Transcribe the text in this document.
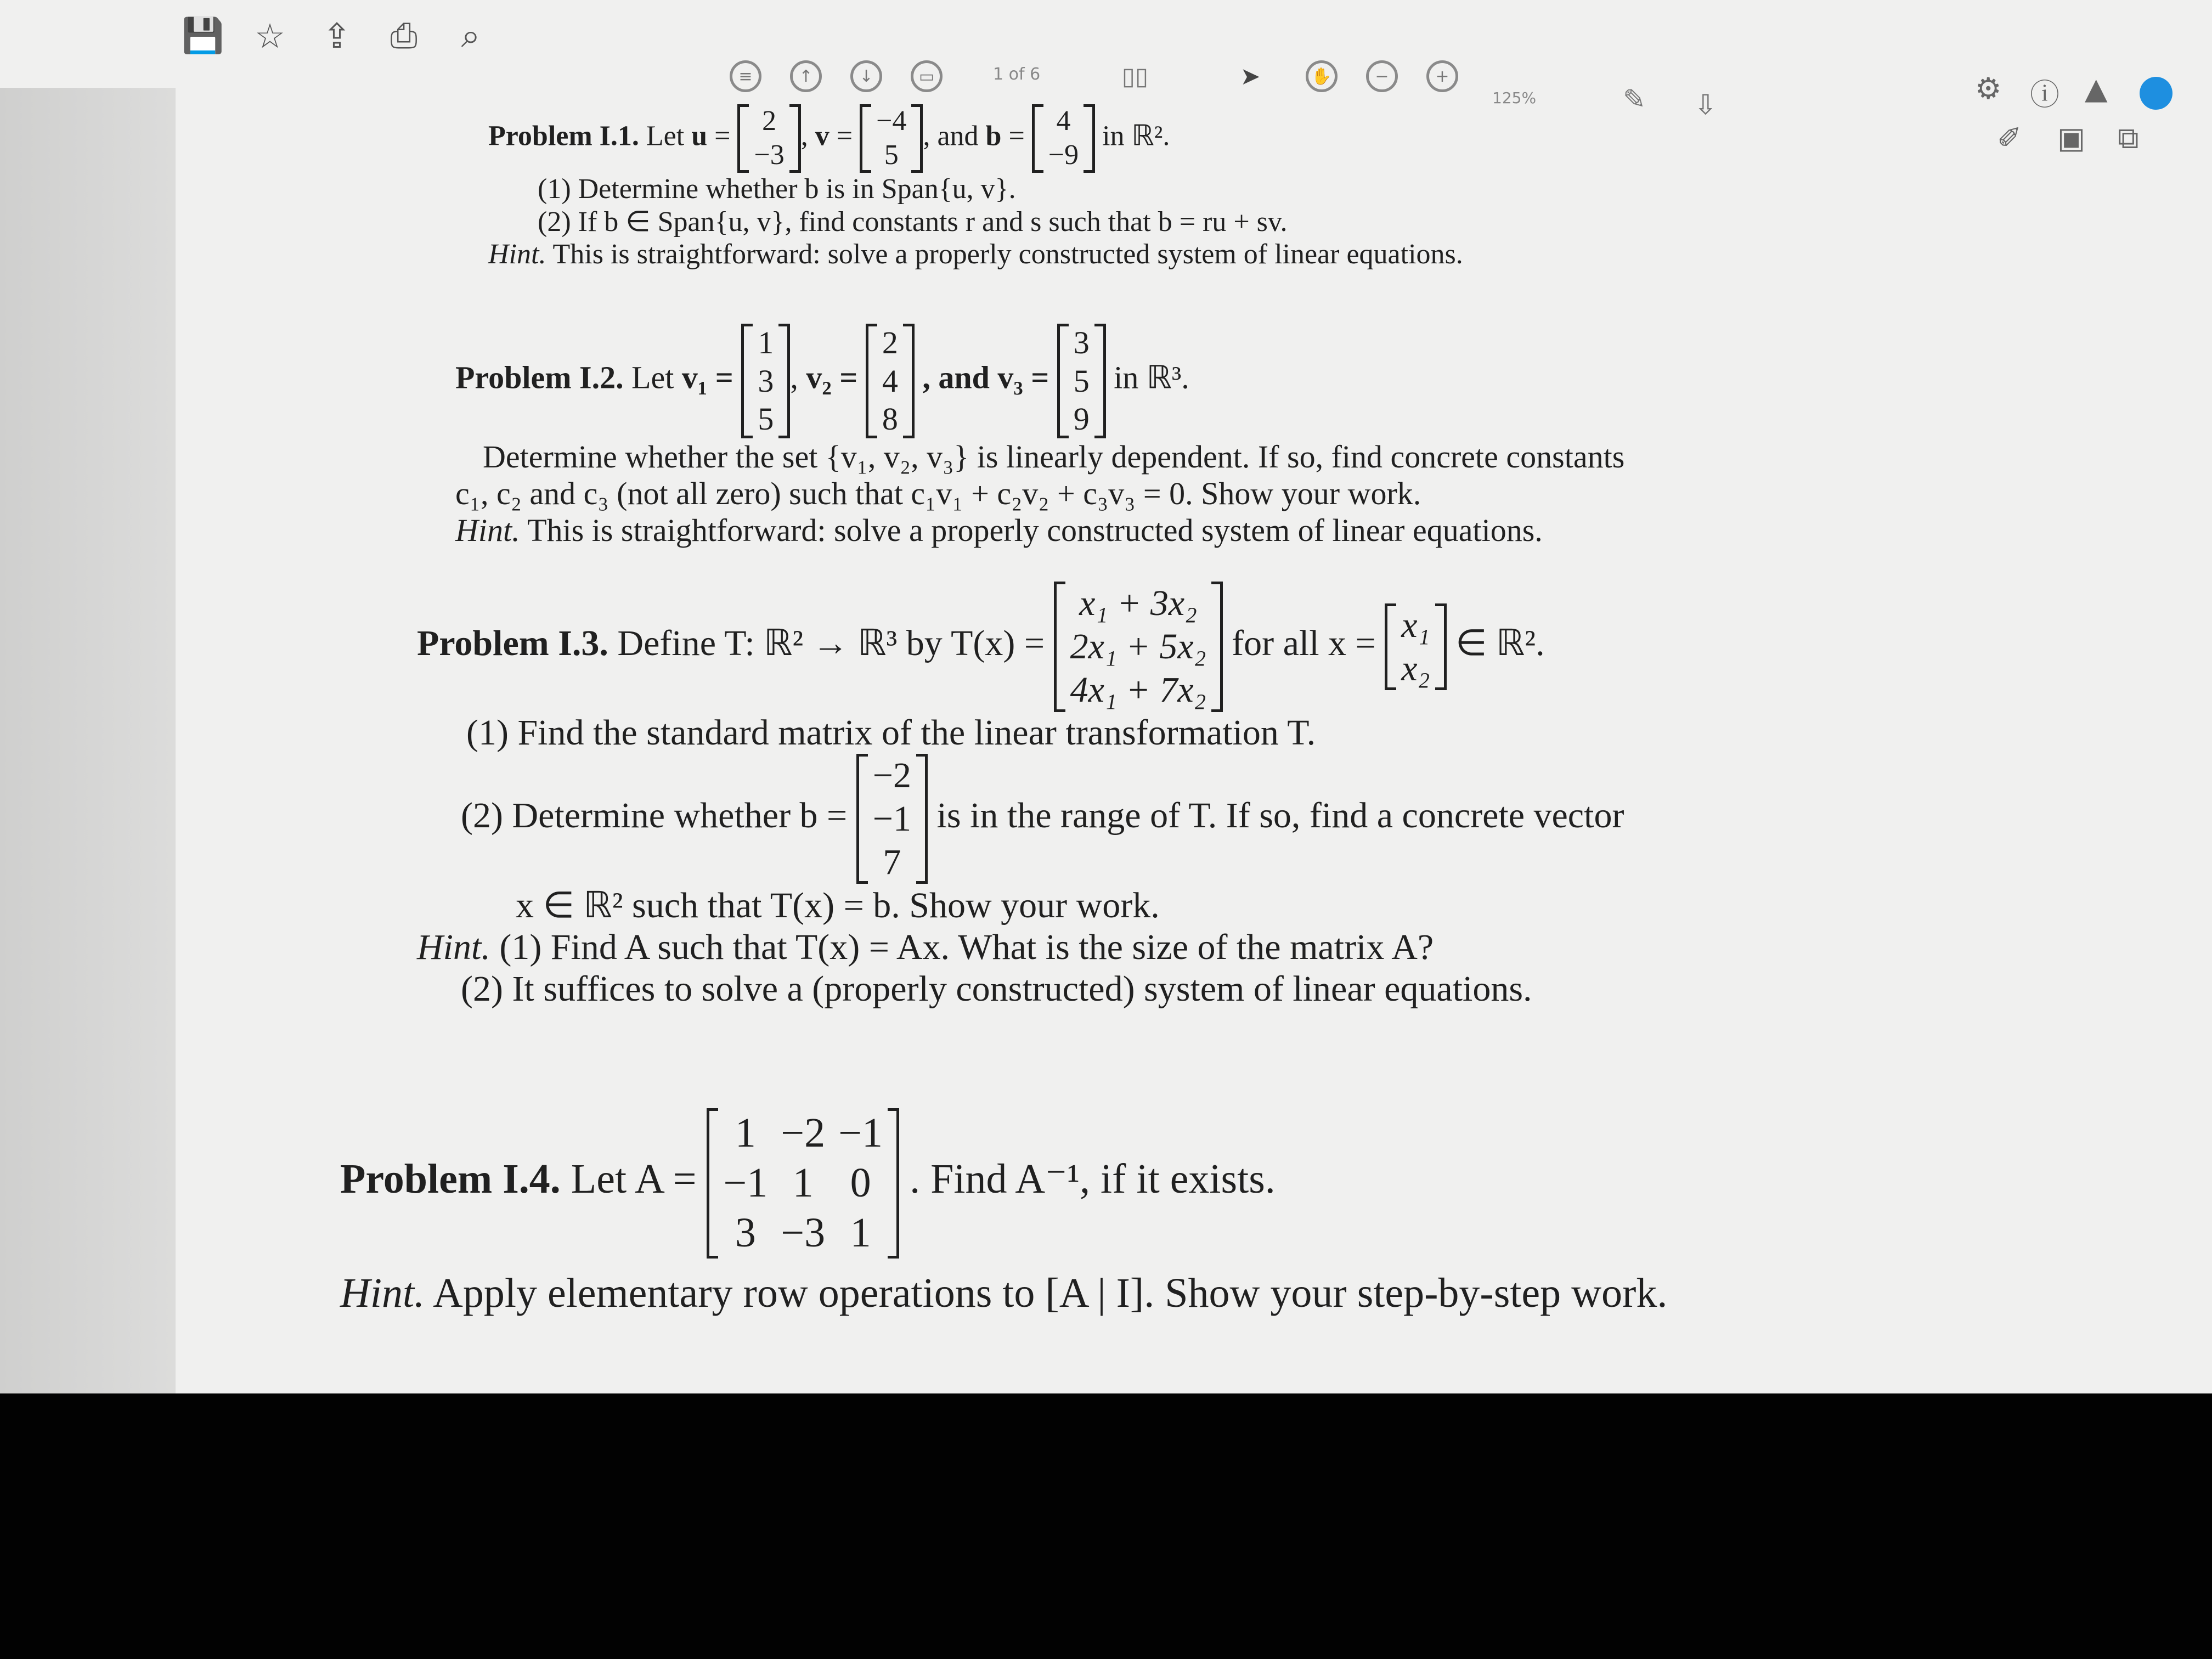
💾 ☆ ⇪ ⎙	⌕
≡	↑	↓	▭	1 of 6	▯▯	➤	✋	−	+
125%	✎ ⇩	⚙ ⓘ ▲
✐ ▣ ⧉
Problem I.1. Let u = 2
−3
, v = −4
5
, and b = 4
−9
in ℝ².
(1) Determine whether b is in Span{u, v}.
(2) If b ∈ Span{u, v}, find constants r and s such that b = ru + sv.
Hint. This is straightforward: solve a properly constructed system of linear equations.
Problem I.2. Let v₁ =
1
3
5
, v₂ =
2
4
8
, and v₃ =
3
5
9
in ℝ³.
Determine whether the set {v₁, v₂, v₃} is linearly dependent. If so, find concrete constants
c₁, c₂ and c₃ (not all zero) such that c₁v₁ + c₂v₂ + c₃v₃ = 0. Show your work.
Hint. This is straightforward: solve a properly constructed system of linear equations.
Problem I.3. Define T: ℝ² → ℝ³ by T(x) =
x₁ + 3x₂
2x₁ + 5x₂
4x₁ + 7x₂
for all x = x₁
x₂
∈ ℝ².
(1) Find the standard matrix of the linear transformation T.
(2) Determine whether b =
−2
−1
7
is in the range of T. If so, find a concrete vector
x ∈ ℝ² such that T(x) = b. Show your work.
Hint. (1) Find A such that T(x) = Ax. What is the size of the matrix A?
(2) It suffices to solve a (properly constructed) system of linear equations.
Problem I.4. Let A =
1	−2	−1
−1	1	0
3	−3	1
. Find A⁻¹, if it exists.
Hint. Apply elementary row operations to [A | I]. Show your step-by-step work.
